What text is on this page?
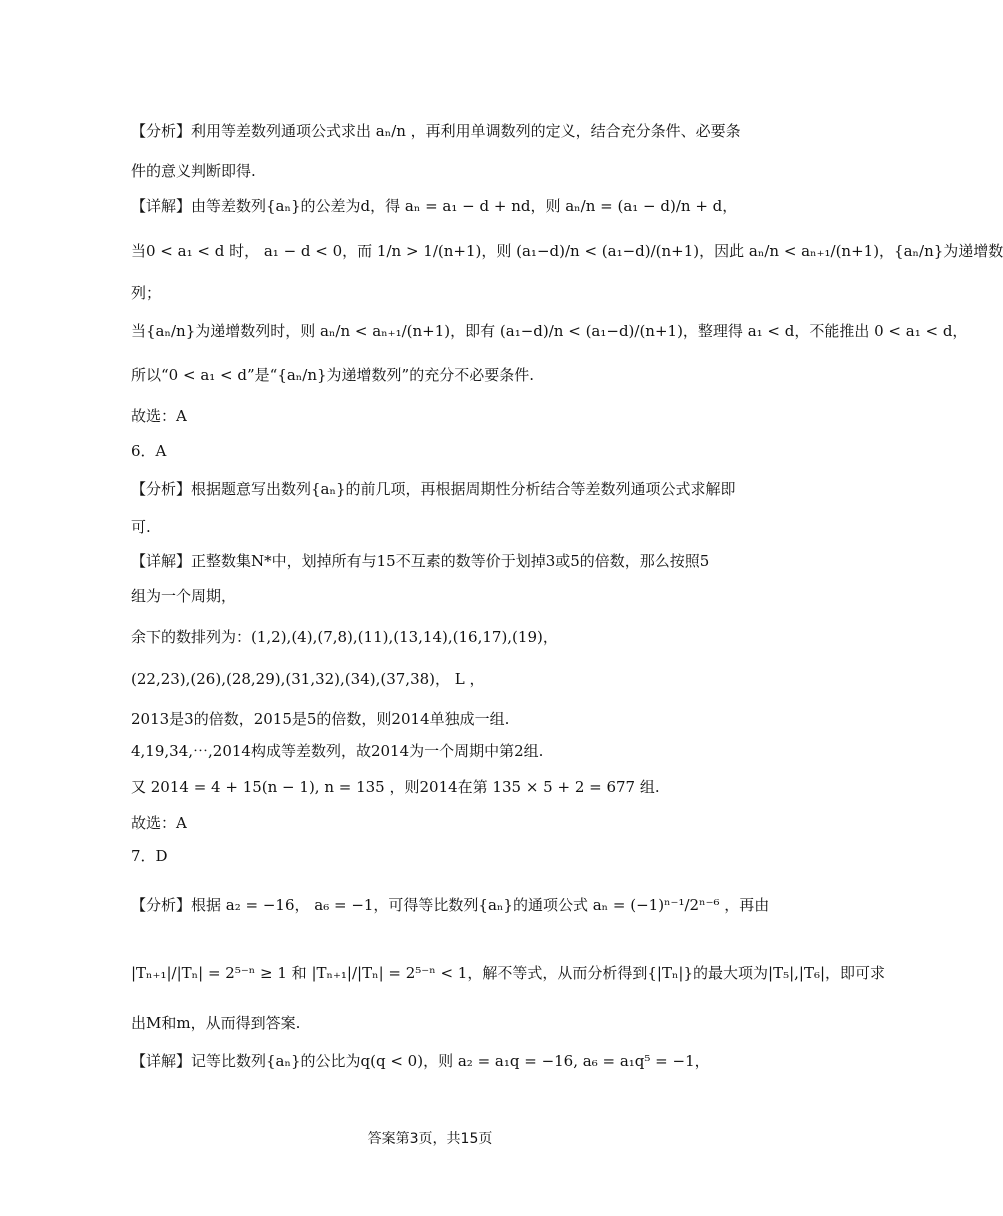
【分析】利用等差数列通项公式求出 aₙ/n ，再利用单调数列的定义，结合充分条件、必要条
件的意义判断即得.
【详解】由等差数列{aₙ}的公差为d，得 aₙ = a₁ − d + nd，则 aₙ/n = (a₁ − d)/n + d，
当0 < a₁ < d 时， a₁ − d < 0，而 1/n > 1/(n+1)，则 (a₁−d)/n < (a₁−d)/(n+1)，因此 aₙ/n < aₙ₊₁/(n+1)，{aₙ/n}为递增数
列；
当{aₙ/n}为递增数列时，则 aₙ/n < aₙ₊₁/(n+1)，即有 (a₁−d)/n < (a₁−d)/(n+1)，整理得 a₁ < d，不能推出 0 < a₁ < d，
所以“0 < a₁ < d”是“{aₙ/n}为递增数列”的充分不必要条件.
故选：A
6．A
【分析】根据题意写出数列{aₙ}的前几项，再根据周期性分析结合等差数列通项公式求解即
可.
【详解】正整数集N*中，划掉所有与15不互素的数等价于划掉3或5的倍数，那么按照5
组为一个周期，
余下的数排列为：(1,2),(4),(7,8),(11),(13,14),(16,17),(19)，
(22,23),(26),(28,29),(31,32),(34),(37,38)， L ，
2013是3的倍数，2015是5的倍数，则2014单独成一组.
4,19,34,⋯,2014构成等差数列，故2014为一个周期中第2组.
又 2014 = 4 + 15(n − 1), n = 135 ，则2014在第 135 × 5 + 2 = 677 组.
故选：A
7．D
【分析】根据 a₂ = −16， a₆ = −1，可得等比数列{aₙ}的通项公式 aₙ = (−1)ⁿ⁻¹/2ⁿ⁻⁶ ，再由
|Tₙ₊₁|/|Tₙ| = 2⁵⁻ⁿ ≥ 1 和 |Tₙ₊₁|/|Tₙ| = 2⁵⁻ⁿ < 1，解不等式，从而分析得到{|Tₙ|}的最大项为|T₅|,|T₆|，即可求
出M和m，从而得到答案.
【详解】记等比数列{aₙ}的公比为q(q < 0)，则 a₂ = a₁q = −16, a₆ = a₁q⁵ = −1，
答案第3页，共15页
